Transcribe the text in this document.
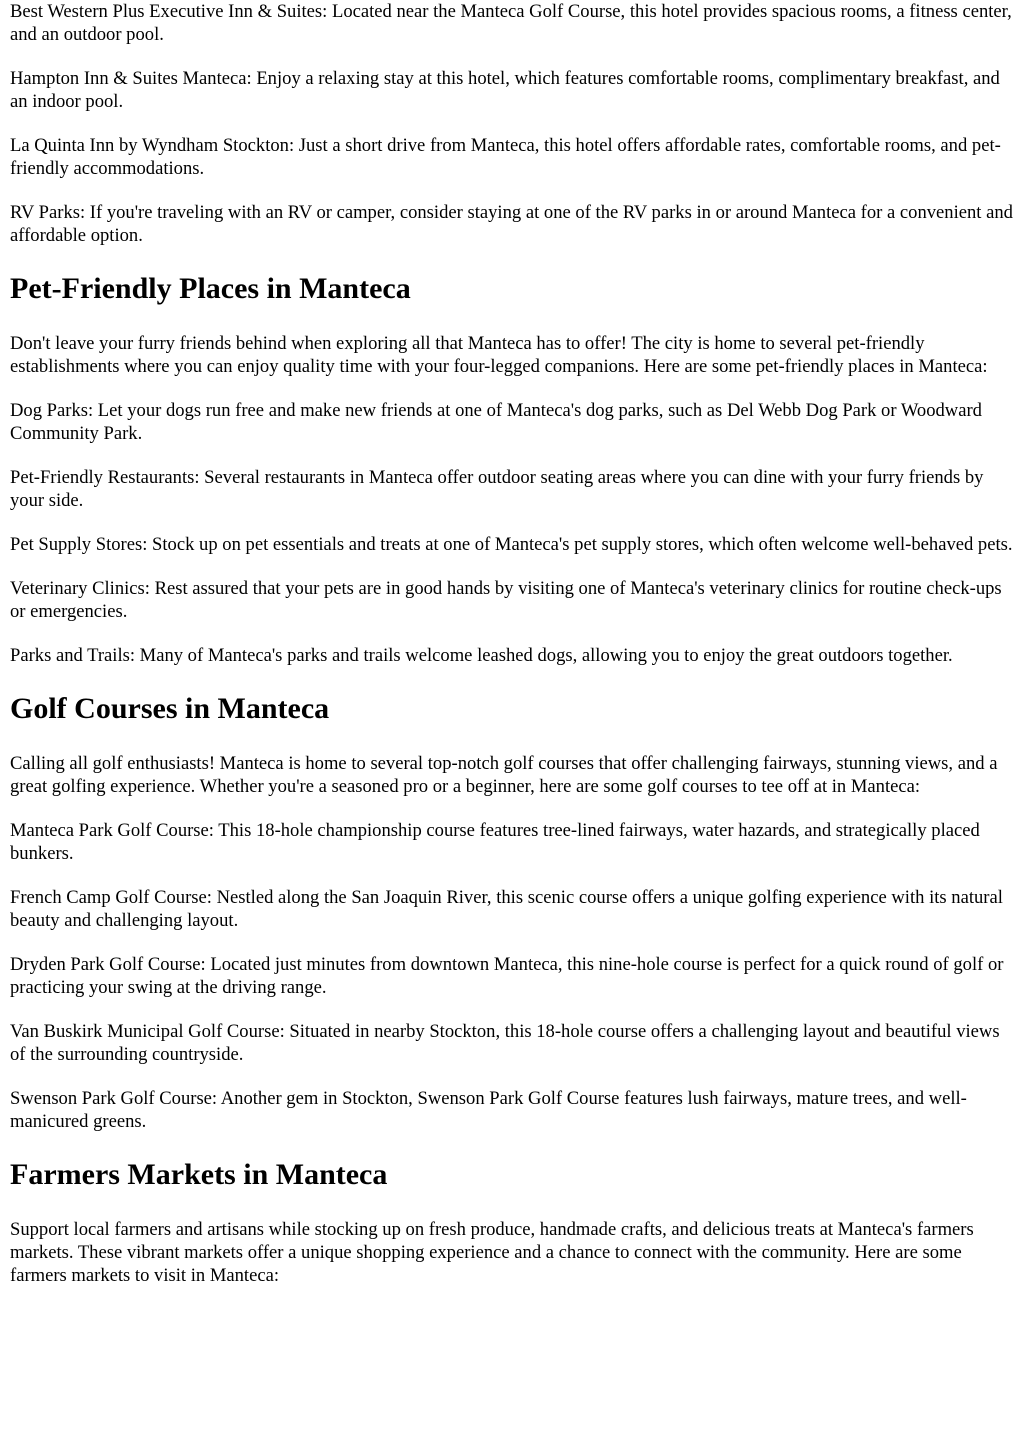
Best Western Plus Executive Inn & Suites: Located near the Manteca Golf Course, this hotel provides spacious rooms, a fitness center, and an outdoor pool.

Hampton Inn & Suites Manteca: Enjoy a relaxing stay at this hotel, which features comfortable rooms, complimentary breakfast, and an indoor pool.

La Quinta Inn by Wyndham Stockton: Just a short drive from Manteca, this hotel offers affordable rates, comfortable rooms, and pet-friendly accommodations.

RV Parks: If you're traveling with an RV or camper, consider staying at one of the RV parks in or around Manteca for a convenient and affordable option.

Pet-Friendly Places in Manteca

Don't leave your furry friends behind when exploring all that Manteca has to offer! The city is home to several pet-friendly establishments where you can enjoy quality time with your four-legged companions. Here are some pet-friendly places in Manteca:

Dog Parks: Let your dogs run free and make new friends at one of Manteca's dog parks, such as Del Webb Dog Park or Woodward Community Park.

Pet-Friendly Restaurants: Several restaurants in Manteca offer outdoor seating areas where you can dine with your furry friends by your side.

Pet Supply Stores: Stock up on pet essentials and treats at one of Manteca's pet supply stores, which often welcome well-behaved pets.

Veterinary Clinics: Rest assured that your pets are in good hands by visiting one of Manteca's veterinary clinics for routine check-ups or emergencies.

Parks and Trails: Many of Manteca's parks and trails welcome leashed dogs, allowing you to enjoy the great outdoors together.

Golf Courses in Manteca

Calling all golf enthusiasts! Manteca is home to several top-notch golf courses that offer challenging fairways, stunning views, and a great golfing experience. Whether you're a seasoned pro or a beginner, here are some golf courses to tee off at in Manteca:

Manteca Park Golf Course: This 18-hole championship course features tree-lined fairways, water hazards, and strategically placed bunkers.

French Camp Golf Course: Nestled along the San Joaquin River, this scenic course offers a unique golfing experience with its natural beauty and challenging layout.

Dryden Park Golf Course: Located just minutes from downtown Manteca, this nine-hole course is perfect for a quick round of golf or practicing your swing at the driving range.

Van Buskirk Municipal Golf Course: Situated in nearby Stockton, this 18-hole course offers a challenging layout and beautiful views of the surrounding countryside.

Swenson Park Golf Course: Another gem in Stockton, Swenson Park Golf Course features lush fairways, mature trees, and well-manicured greens.

Farmers Markets in Manteca

Support local farmers and artisans while stocking up on fresh produce, handmade crafts, and delicious treats at Manteca's farmers markets. These vibrant markets offer a unique shopping experience and a chance to connect with the community. Here are some farmers markets to visit in Manteca:
